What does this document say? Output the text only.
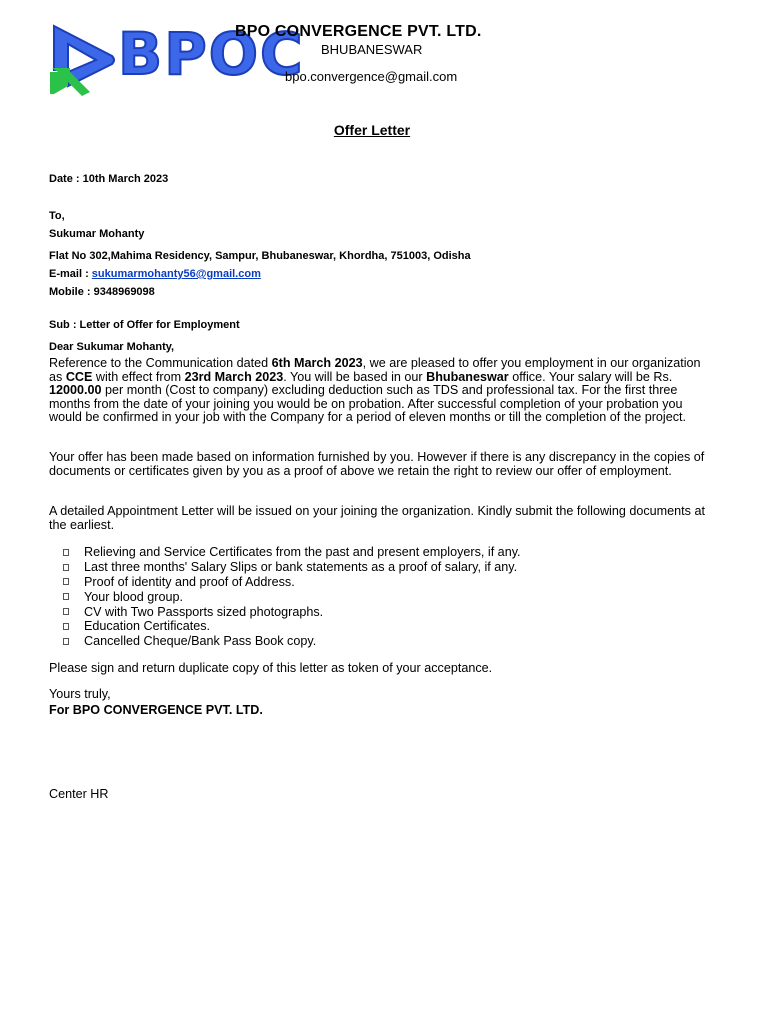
BPOC
BPO CONVERGENCE PVT. LTD.
BHUBANESWAR
bpo.convergence@gmail.com
Offer Letter
Date : 10th March 2023
To,
Sukumar Mohanty
Flat No 302,Mahima Residency, Sampur, Bhubaneswar, Khordha, 751003, Odisha
E-mail : sukumarmohanty56@gmail.com
Mobile : 9348969098
Sub : Letter of Offer for Employment
Dear Sukumar Mohanty,

Reference to the Communication dated 6th March 2023, we are pleased to offer you employment in our organization as CCE with effect from 23rd March 2023. You will be based in our Bhubaneswar office. Your salary will be Rs. 12000.00 per month (Cost to company) excluding deduction such as TDS and professional tax. For the first three months from the date of your joining you would be on probation. After successful completion of your probation you would be confirmed in your job with the Company for a period of eleven months or till the completion of the project.

Your offer has been made based on information furnished by you. However if there is any discrepancy in the copies of documents or certificates given by you as a proof of above we retain the right to review our offer of employment.

A detailed Appointment Letter will be issued on your joining the organization. Kindly submit the following documents at the earliest.

Relieving and Service Certificates from the past and present employers, if any.
Last three months' Salary Slips or bank statements as a proof of salary, if any.
Proof of identity and proof of Address.
Your blood group.
CV with Two Passports sized photographs.
Education Certificates.
Cancelled Cheque/Bank Pass Book copy.
Please sign and return duplicate copy of this letter as token of your acceptance.
Yours truly,
For BPO CONVERGENCE PVT. LTD.
Center HR
